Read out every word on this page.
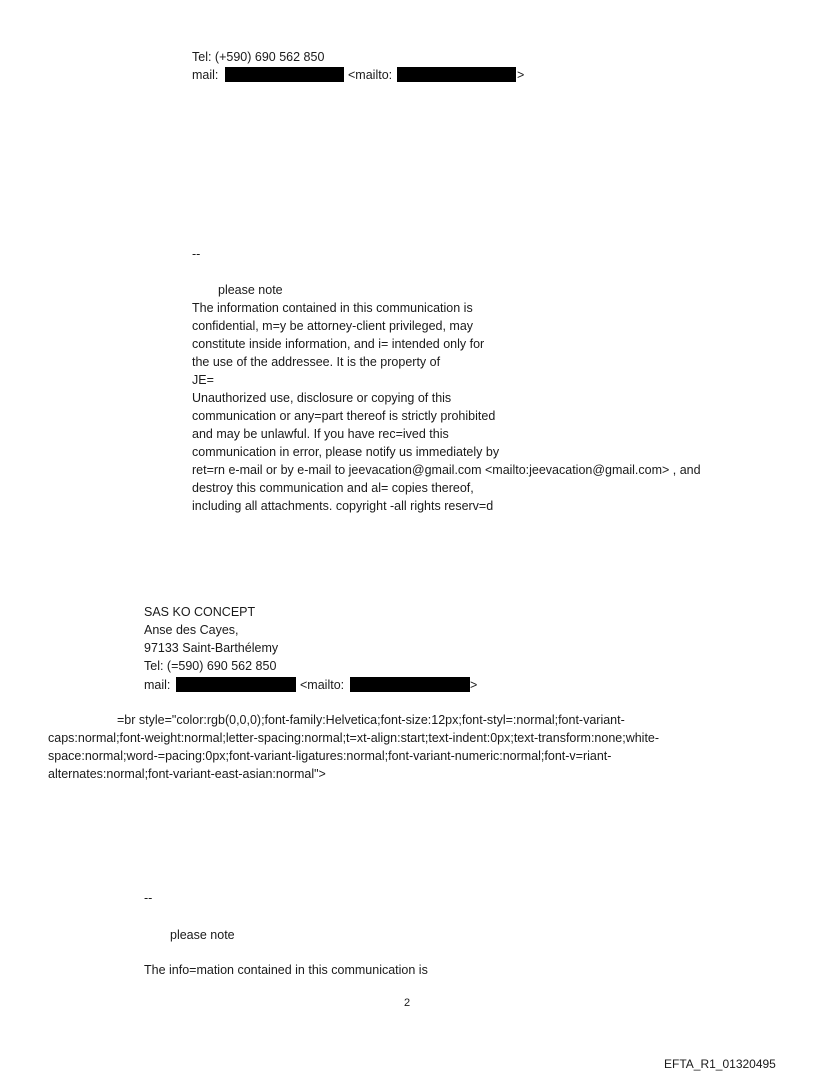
Tel: (+590) 690 562 850
mail:	<mailto:	>
--
please note
The information contained in this communication is
confidential, m=y be attorney-client privileged, may
constitute inside information, and i= intended only for
the use of the addressee. It is the property of
JE=
Unauthorized use, disclosure or copying of this
communication or any=part thereof is strictly prohibited
and may be unlawful. If you have rec=ived this
communication in error, please notify us immediately by
ret=rn e-mail or by e-mail to jeevacation@gmail.com <mailto:jeevacation@gmail.com> , and
destroy this communication and al= copies thereof,
including all attachments. copyright -all rights reserv=d
SAS KO CONCEPT
Anse des Cayes,
97133 Saint-Barthélemy
Tel: (=590) 690 562 850
mail:	<mailto:	>
=br style="color:rgb(0,0,0);font-family:Helvetica;font-size:12px;font-styl=:normal;font-variant-
caps:normal;font-weight:normal;letter-spacing:normal;t=xt-align:start;text-indent:0px;text-transform:none;white-
space:normal;word-=pacing:0px;font-variant-ligatures:normal;font-variant-numeric:normal;font-v=riant-
alternates:normal;font-variant-east-asian:normal">
--
please note
The info=mation contained in this communication is
2
EFTA_R1_01320495
